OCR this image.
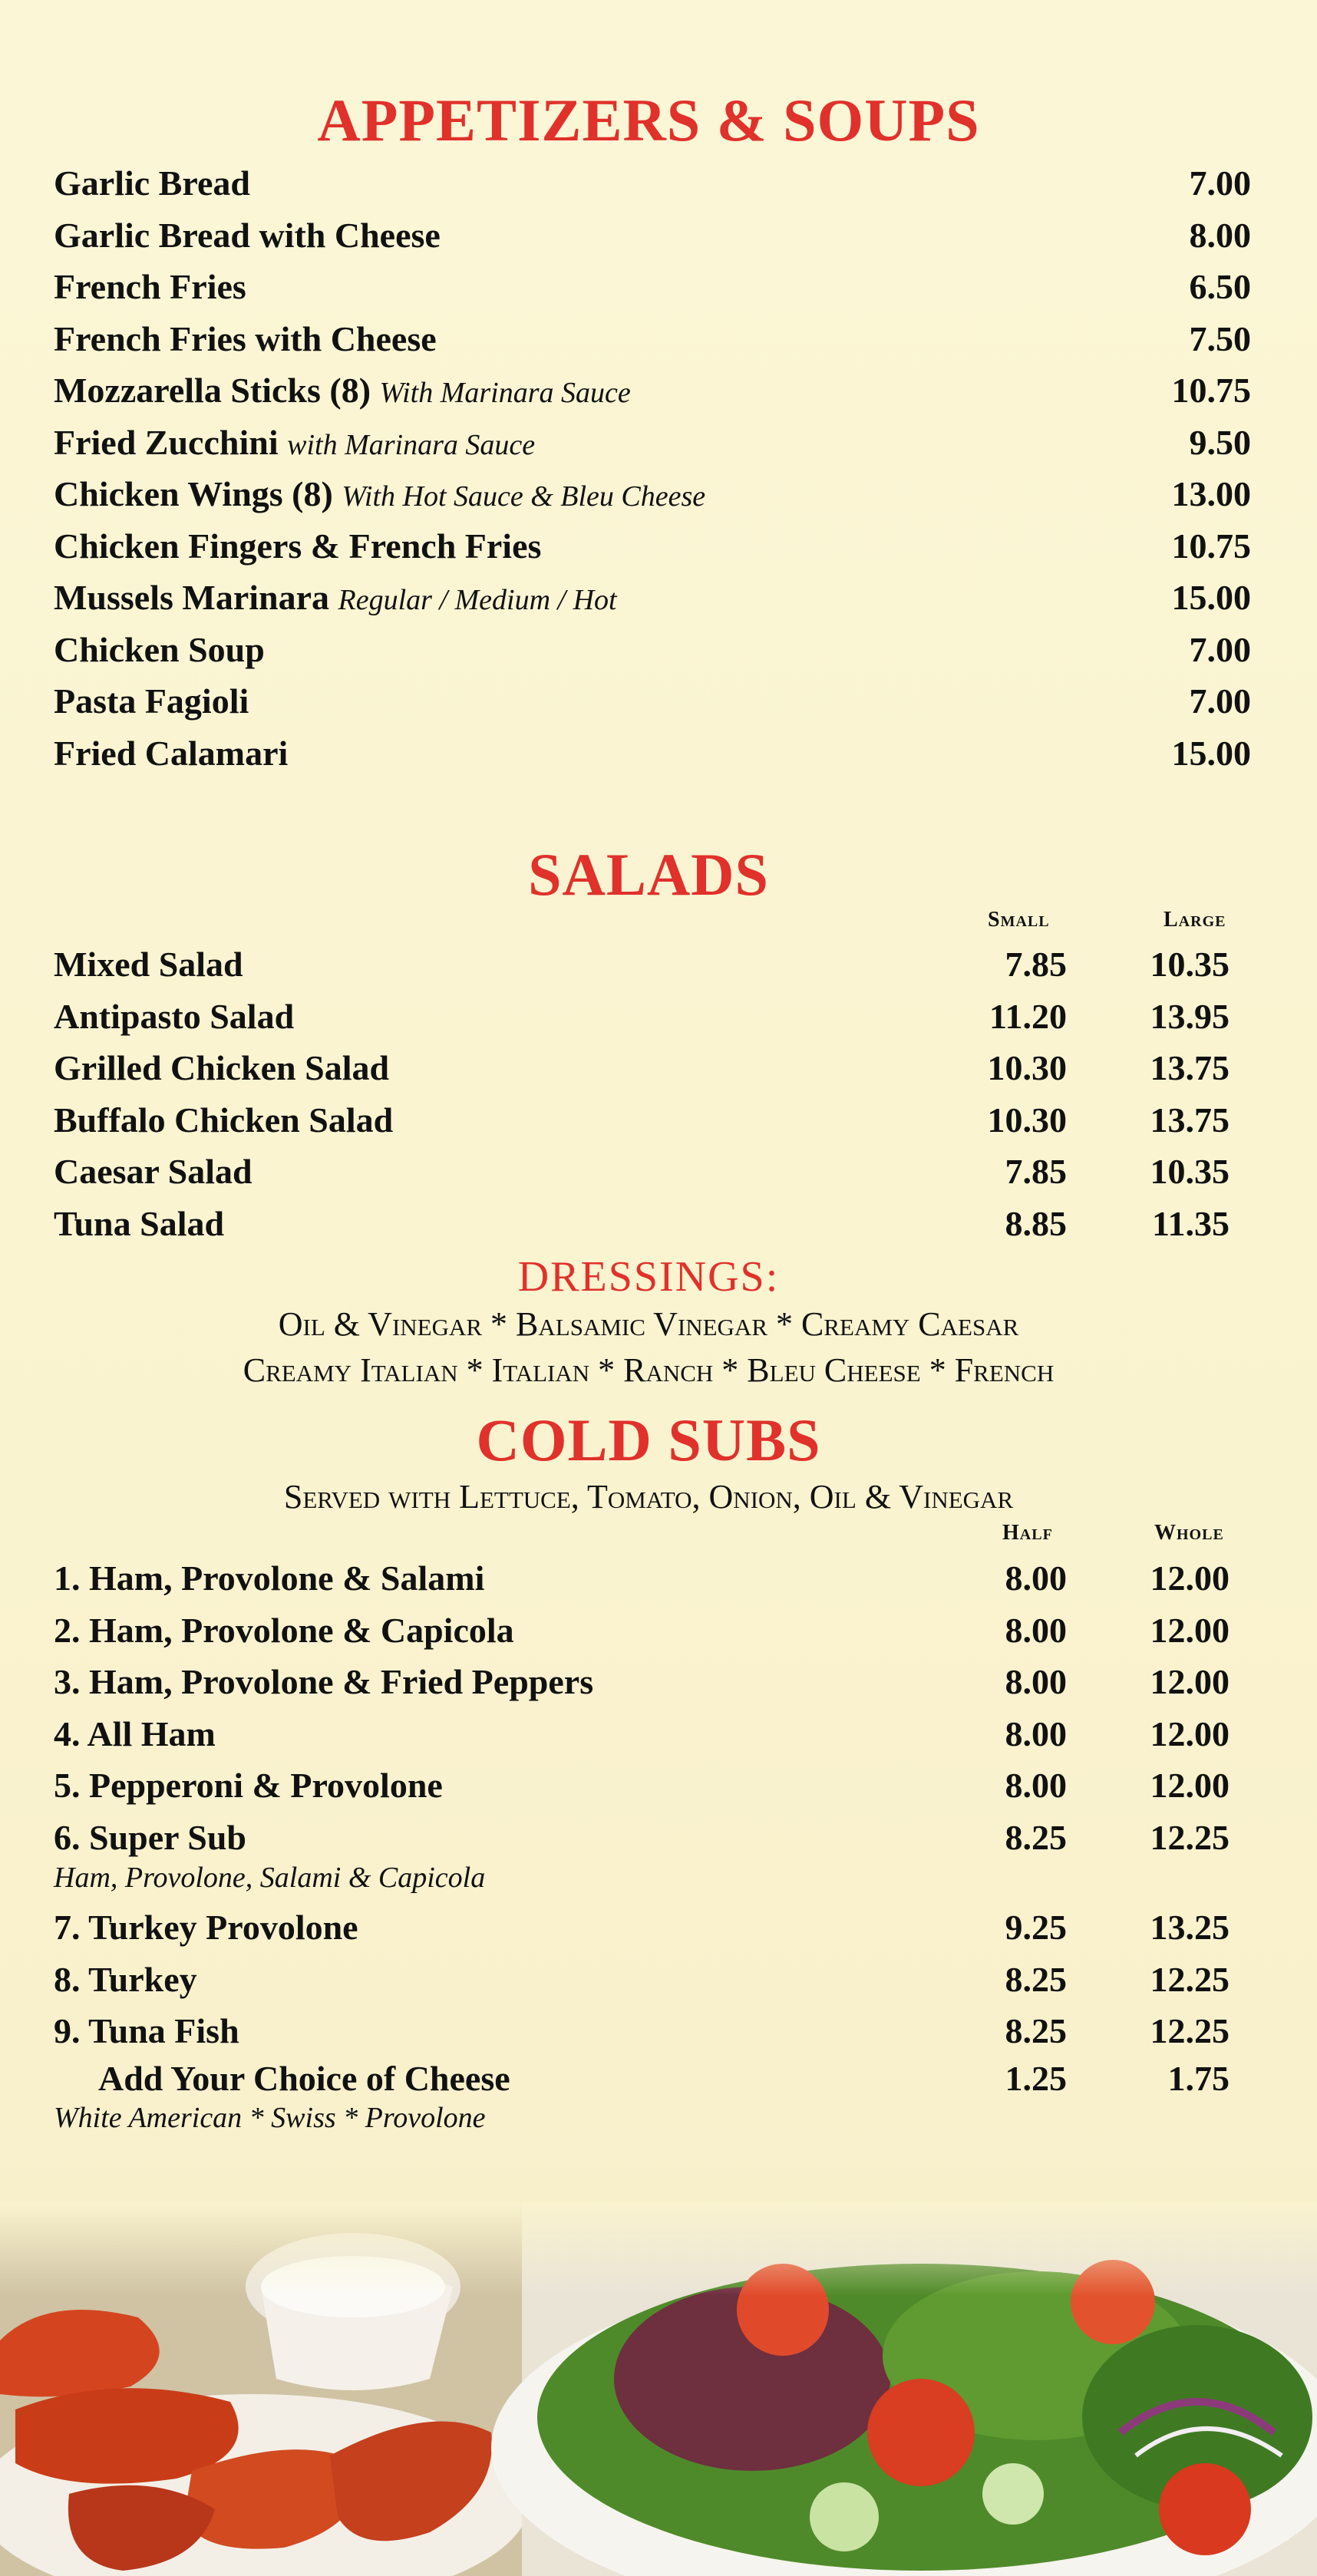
APPETIZERS & SOUPS
Garlic Bread	7.00
Garlic Bread with Cheese	8.00
French Fries	6.50
French Fries with Cheese	7.50
Mozzarella Sticks (8) With Marinara Sauce	10.75
Fried Zucchini with Marinara Sauce	9.50
Chicken Wings (8) With Hot Sauce & Bleu Cheese	13.00
Chicken Fingers & French Fries	10.75
Mussels Marinara Regular / Medium / Hot	15.00
Chicken Soup	7.00
Pasta Fagioli	7.00
Fried Calamari	15.00
SALADS
Small	Large
Mixed Salad	7.85 10.35
Antipasto Salad	11.20 13.95
Grilled Chicken Salad	10.30 13.75
Buffalo Chicken Salad	10.30 13.75
Caesar Salad	7.85 10.35
Tuna Salad	8.85 11.35
DRESSINGS:
Oil & Vinegar * Balsamic Vinegar * Creamy Caesar
Creamy Italian * Italian * Ranch * Bleu Cheese * French
COLD SUBS
Served with Lettuce, Tomato, Onion, Oil & Vinegar
Half	Whole
1. Ham, Provolone & Salami	8.00 12.00
2. Ham, Provolone & Capicola	8.00 12.00
3. Ham, Provolone & Fried Peppers	8.00 12.00
4. All Ham	8.00 12.00
5. Pepperoni & Provolone	8.00 12.00
6. Super Sub	8.25 12.25
Ham, Provolone, Salami & Capicola
7. Turkey Provolone	9.25 13.25
8. Turkey	8.25 12.25
9. Tuna Fish	8.25 12.25
Add Your Choice of Cheese	1.25	1.75
White American * Swiss * Provolone
